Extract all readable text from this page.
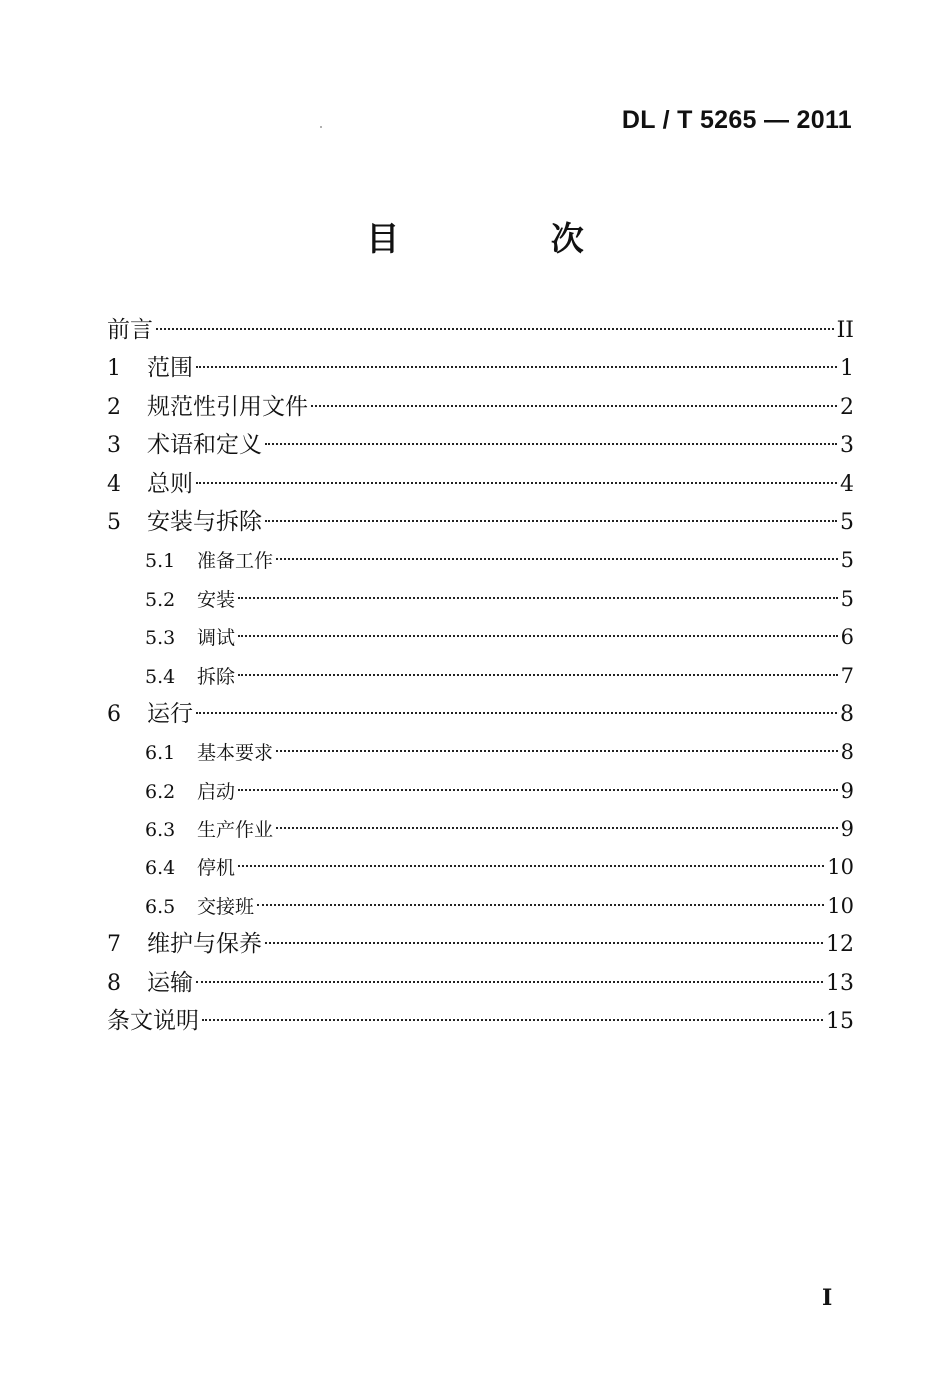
DL / T 5265 — 2011
目 次
前言	II
1	范围	1
2	规范性引用文件	2
3	术语和定义	3
4	总则	4
5	安装与拆除	5
5.1	准备工作	5
5.2	安装	5
5.3	调试	6
5.4	拆除	7
6	运行	8
6.1	基本要求	8
6.2	启动	9
6.3	生产作业	9
6.4	停机	10
6.5	交接班	10
7	维护与保养	12
8	运输	13
条文说明	15
I
